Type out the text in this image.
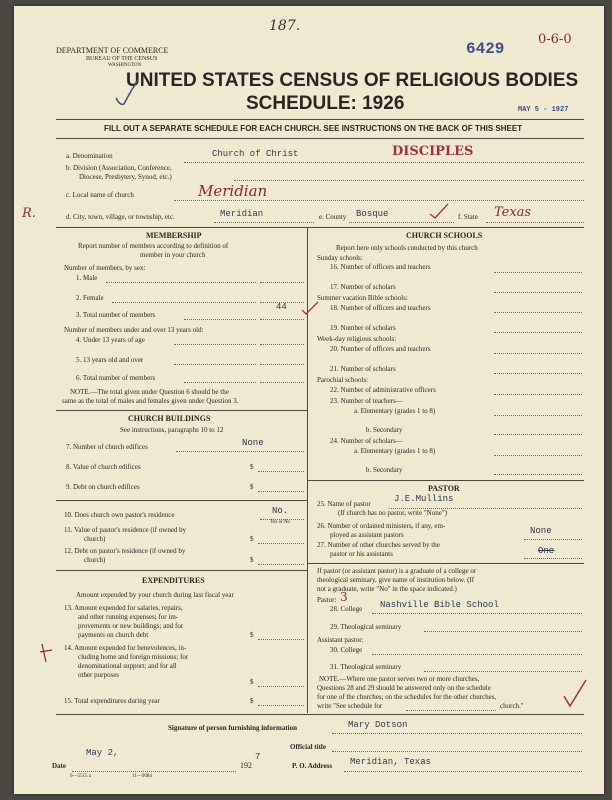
187.
6429
0-6-0
DEPARTMENT OF COMMERCE
BUREAU OF THE CENSUS
WASHINGTON
UNITED STATES CENSUS OF RELIGIOUS BODIES
SCHEDULE: 1926	MAY 5 - 1927
FILL OUT A SEPARATE SCHEDULE FOR EACH CHURCH. SEE INSTRUCTIONS ON THE BACK OF THIS SHEET
a. Denomination	Church of Christ	DISCIPLES
b. Division (Association, Conference,
Diocese, Presbytery, Synod, etc.)
c. Local name of church	Meridian
R.	d. City, town, village, or township, etc.	Meridian	e. County Bosque	f. State Texas
MEMBERSHIP
Report number of members according to definition of
member in your church
Number of members, by sex:
1. Male
2. Female
3. Total number of members
44
Number of members under and over 13 years old:
4. Under 13 years of age
5. 13 years old and over
6. Total number of members
NOTE.—The total given under Question 6 should be the
same as the total of males and females given under Question 3.
CHURCH BUILDINGS
See instructions, paragraphs 10 to 12
7. Number of church edifices	None
8. Value of church edifices	$
9. Debt on church edifices	$
10. Does church own pastor's residence	No.
Yes or No
11. Value of pastor's residence (if owned by
church)	$
12. Debt on pastor's residence (if owned by
church)	$
EXPENDITURES
Amount expended by your church during last fiscal year
13. Amount expended for salaries, repairs,
and other running expenses; for im-
provements or new buildings; and for
payments on church debt	$
14. Amount expended for benevolences, in-
cluding home and foreign missions; for
denominational support; and for all
other purposes
$
15. Total expenditures during year	$
CHURCH SCHOOLS
Report here only schools conducted by this church
Sunday schools:
16. Number of officers and teachers
17. Number of scholars
Summer vacation Bible schools:
18. Number of officers and teachers
19. Number of scholars
Week-day religious schools:
20. Number of officers and teachers
21. Number of scholars
Parochial schools:
22. Number of administrative officers
23. Number of teachers—
a. Elementary (grades 1 to 8)
b. Secondary
24. Number of scholars—
a. Elementary (grades 1 to 8)
b. Secondary
PASTOR
25. Name of pastor	J.E.Mullins
(If church has no pastor, write "None")
26. Number of ordained ministers, if any, em-
ployed as assistant pastors	None
27. Number of other churches served by the
pastor or his assistants	One
If pastor (or assistant pastor) is a graduate of a college or
theological seminary, give name of institution below. (If
not a graduate, write "No" in the space indicated.)
Pastor: 3
28. College Nashville Bible School
29. Theological seminary
Assistant pastor:
30. College
31. Theological seminary
NOTE.—Where one pastor serves two or more churches,
Questions 28 and 29 should be answered only on the schedule
for one of the churches; on the schedules for the other churches,
write "See schedule for	church."
Signature of person furnishing information	Mary Dotson
Official title
Date
May 2,
192
7
P. O. Address Meridian, Texas
6—5515 a	11—9084
